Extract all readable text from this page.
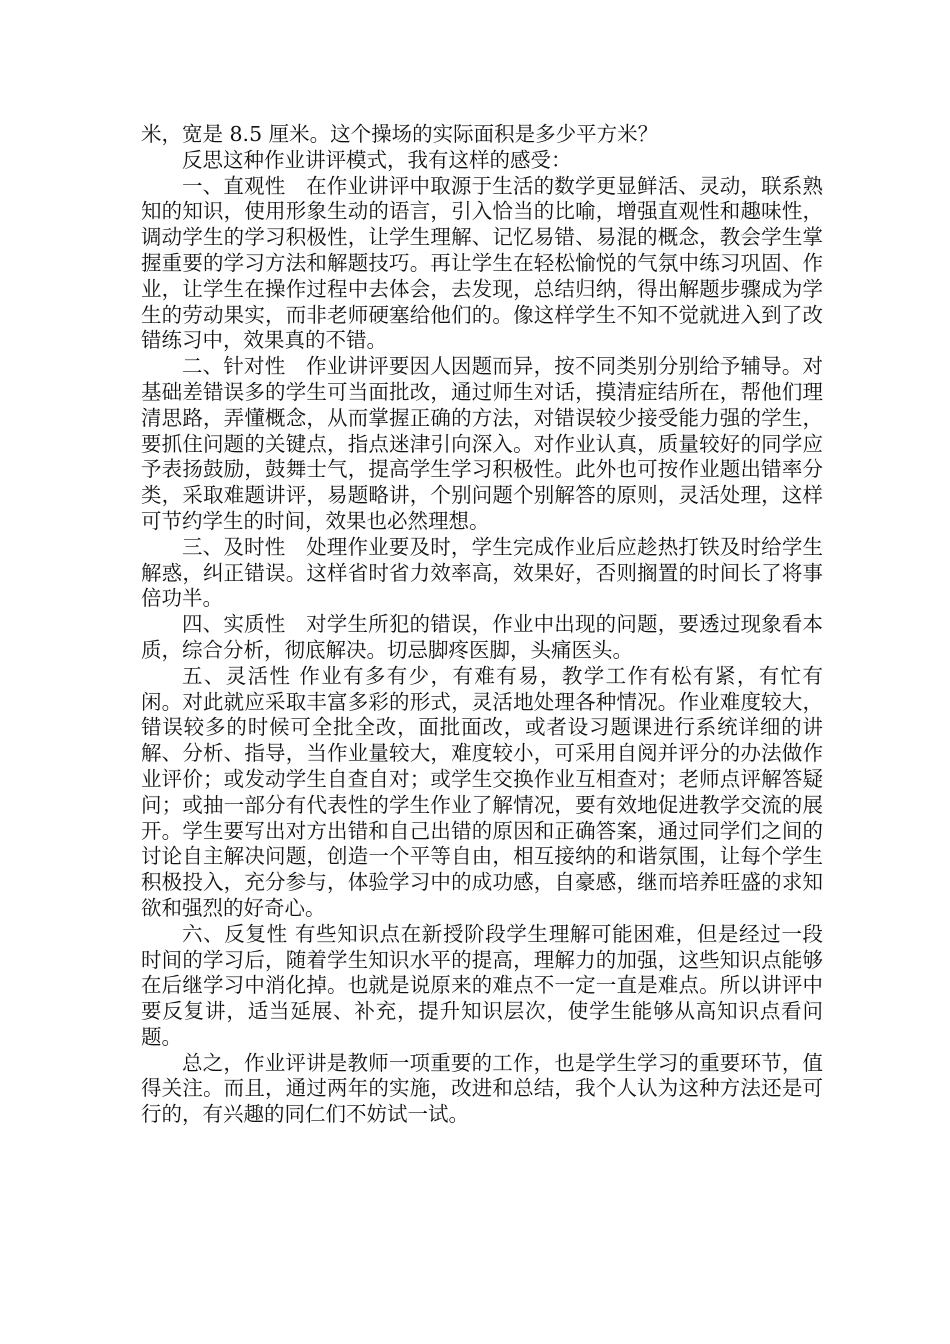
米，宽是 8.5 厘米。这个操场的实际面积是多少平方米？

反思这种作业讲评模式，我有这样的感受：

一、直观性　在作业讲评中取源于生活的数学更显鲜活、灵动，联系熟知的知识，使用形象生动的语言，引入恰当的比喻，增强直观性和趣味性，调动学生的学习积极性，让学生理解、记忆易错、易混的概念，教会学生掌握重要的学习方法和解题技巧。再让学生在轻松愉悦的气氛中练习巩固、作业，让学生在操作过程中去体会，去发现，总结归纳，得出解题步骤成为学生的劳动果实，而非老师硬塞给他们的。像这样学生不知不觉就进入到了改错练习中，效果真的不错。

二、针对性　作业讲评要因人因题而异，按不同类别分别给予辅导。对基础差错误多的学生可当面批改，通过师生对话，摸清症结所在，帮他们理清思路，弄懂概念，从而掌握正确的方法，对错误较少接受能力强的学生，要抓住问题的关键点，指点迷津引向深入。对作业认真，质量较好的同学应予表扬鼓励，鼓舞士气，提高学生学习积极性。此外也可按作业题出错率分类，采取难题讲评，易题略讲，个别问题个别解答的原则，灵活处理，这样可节约学生的时间，效果也必然理想。

三、及时性　处理作业要及时，学生完成作业后应趁热打铁及时给学生解惑，纠正错误。这样省时省力效率高，效果好，否则搁置的时间长了将事倍功半。

四、实质性　对学生所犯的错误，作业中出现的问题，要透过现象看本质，综合分析，彻底解决。切忌脚疼医脚，头痛医头。

五、灵活性 作业有多有少，有难有易，教学工作有松有紧，有忙有闲。对此就应采取丰富多彩的形式，灵活地处理各种情况。作业难度较大，错误较多的时候可全批全改，面批面改，或者设习题课进行系统详细的讲解、分析、指导，当作业量较大，难度较小，可采用自阅并评分的办法做作业评价；或发动学生自查自对；或学生交换作业互相查对；老师点评解答疑问；或抽一部分有代表性的学生作业了解情况，要有效地促进教学交流的展开。学生要写出对方出错和自己出错的原因和正确答案，通过同学们之间的讨论自主解决问题，创造一个平等自由，相互接纳的和谐氛围，让每个学生积极投入，充分参与，体验学习中的成功感，自豪感，继而培养旺盛的求知欲和强烈的好奇心。

六、反复性 有些知识点在新授阶段学生理解可能困难，但是经过一段时间的学习后，随着学生知识水平的提高，理解力的加强，这些知识点能够在后继学习中消化掉。也就是说原来的难点不一定一直是难点。所以讲评中要反复讲，适当延展、补充，提升知识层次，使学生能够从高知识点看问题。

总之，作业评讲是教师一项重要的工作，也是学生学习的重要环节，值得关注。而且，通过两年的实施，改进和总结，我个人认为这种方法还是可行的，有兴趣的同仁们不妨试一试。
